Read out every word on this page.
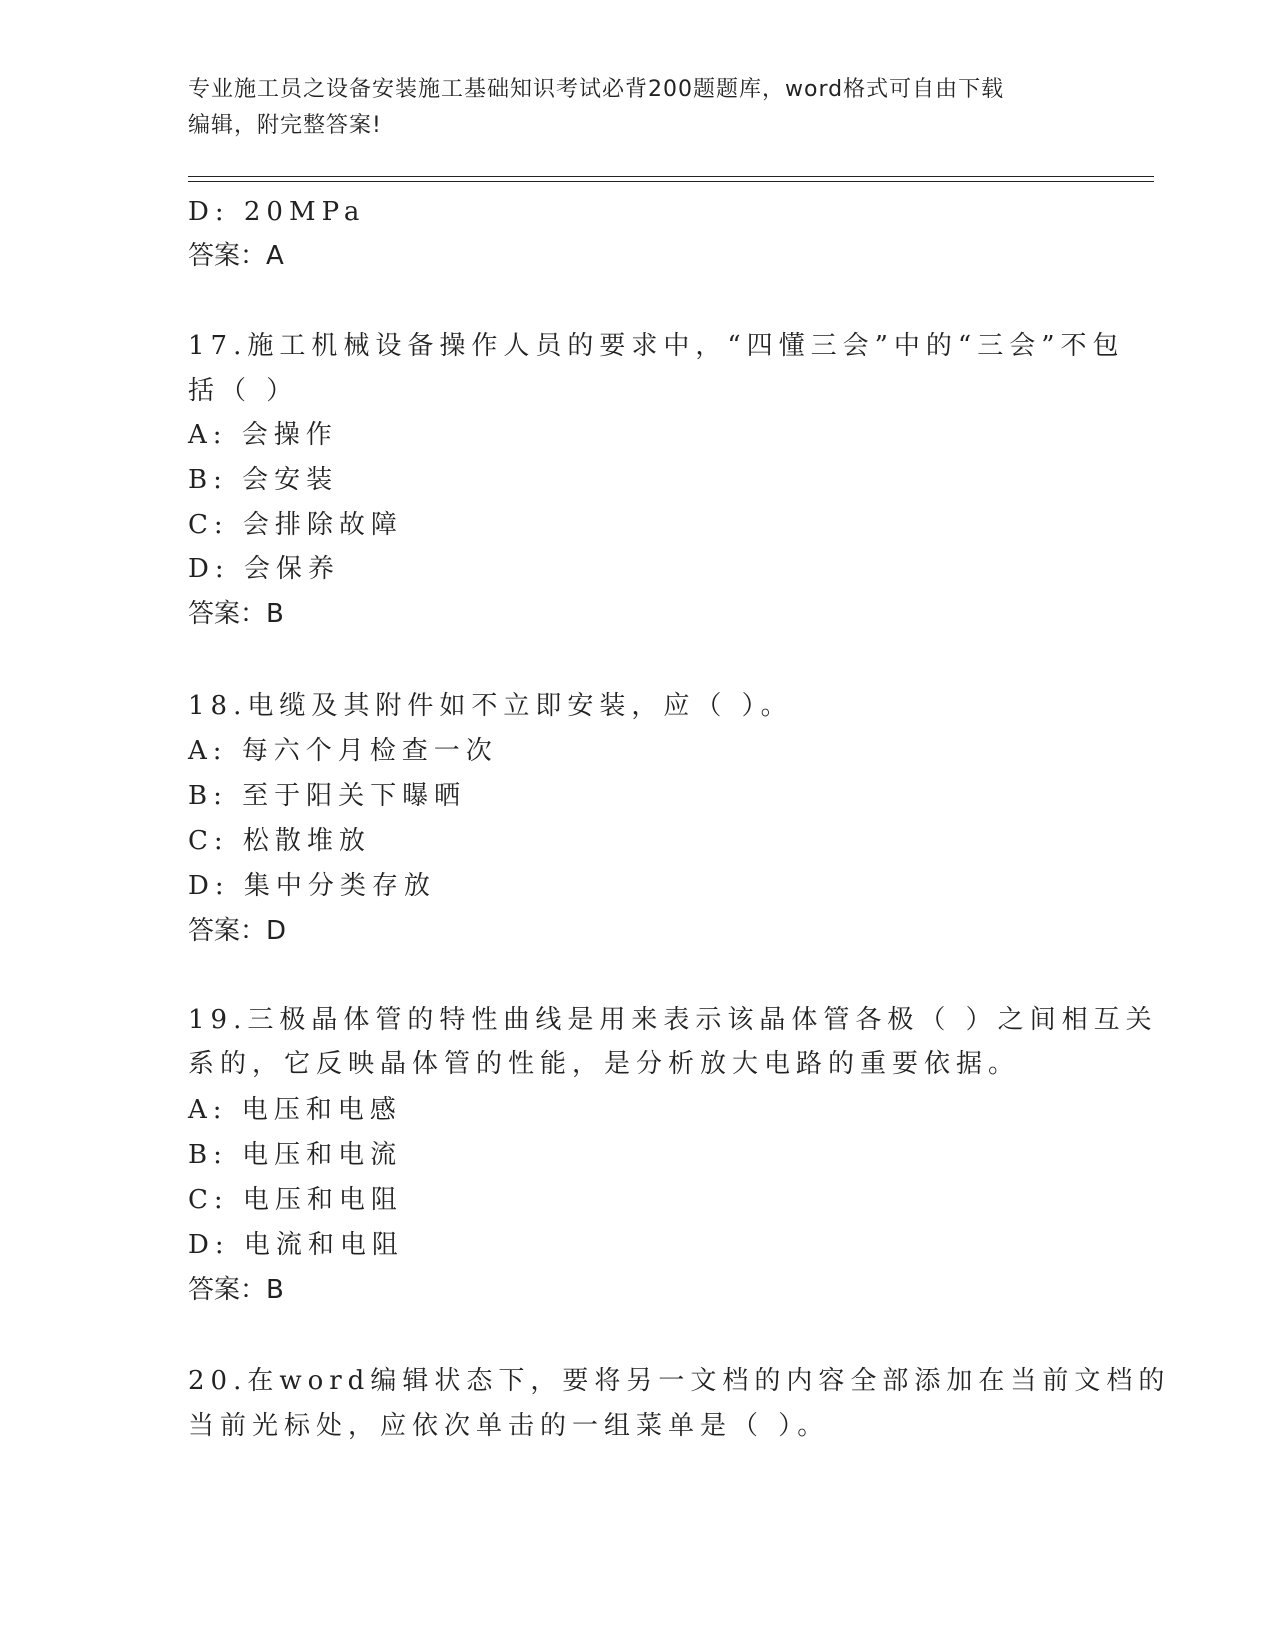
专业施工员之设备安装施工基础知识考试必背200题题库，word格式可自由下载
编辑，附完整答案!
D: 20MPa
答案：A
17.施工机械设备操作人员的要求中，“四懂三会”中的“三会”不包
括（ ）
A: 会操作
B: 会安装
C: 会排除故障
D: 会保养
答案：B
18.电缆及其附件如不立即安装，应（ ）。
A: 每六个月检查一次
B: 至于阳关下曝晒
C: 松散堆放
D: 集中分类存放
答案：D
19.三极晶体管的特性曲线是用来表示该晶体管各极（ ）之间相互关
系的，它反映晶体管的性能，是分析放大电路的重要依据。
A: 电压和电感
B: 电压和电流
C: 电压和电阻
D: 电流和电阻
答案：B
20.在word编辑状态下，要将另一文档的内容全部添加在当前文档的
当前光标处，应依次单击的一组菜单是（ ）。
